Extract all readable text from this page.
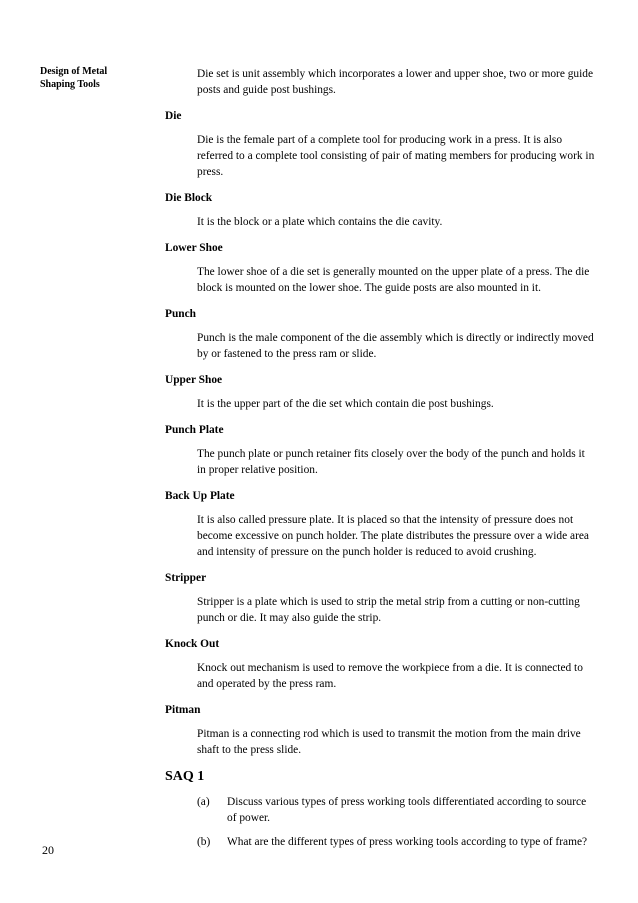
Design of Metal
Shaping Tools

Die set is unit assembly which incorporates a lower and upper shoe, two or more guide posts and guide post bushings.

Die

Die is the female part of a complete tool for producing work in a press. It is also referred to a complete tool consisting of pair of mating members for producing work in press.

Die Block

It is the block or a plate which contains the die cavity.

Lower Shoe

The lower shoe of a die set is generally mounted on the upper plate of a press. The die block is mounted on the lower shoe. The guide posts are also mounted in it.

Punch

Punch is the male component of the die assembly which is directly or indirectly moved by or fastened to the press ram or slide.

Upper Shoe

It is the upper part of the die set which contain die post bushings.

Punch Plate

The punch plate or punch retainer fits closely over the body of the punch and holds it in proper relative position.

Back Up Plate

It is also called pressure plate. It is placed so that the intensity of pressure does not become excessive on punch holder. The plate distributes the pressure over a wide area and intensity of pressure on the punch holder is reduced to avoid crushing.

Stripper

Stripper is a plate which is used to strip the metal strip from a cutting or non-cutting punch or die. It may also guide the strip.

Knock Out

Knock out mechanism is used to remove the workpiece from a die. It is connected to and operated by the press ram.

Pitman

Pitman is a connecting rod which is used to transmit the motion from the main drive shaft to the press slide.

SAQ 1

(a)	Discuss various types of press working tools differentiated according to source of power.
(b)	What are the different types of press working tools according to type of frame?
20
